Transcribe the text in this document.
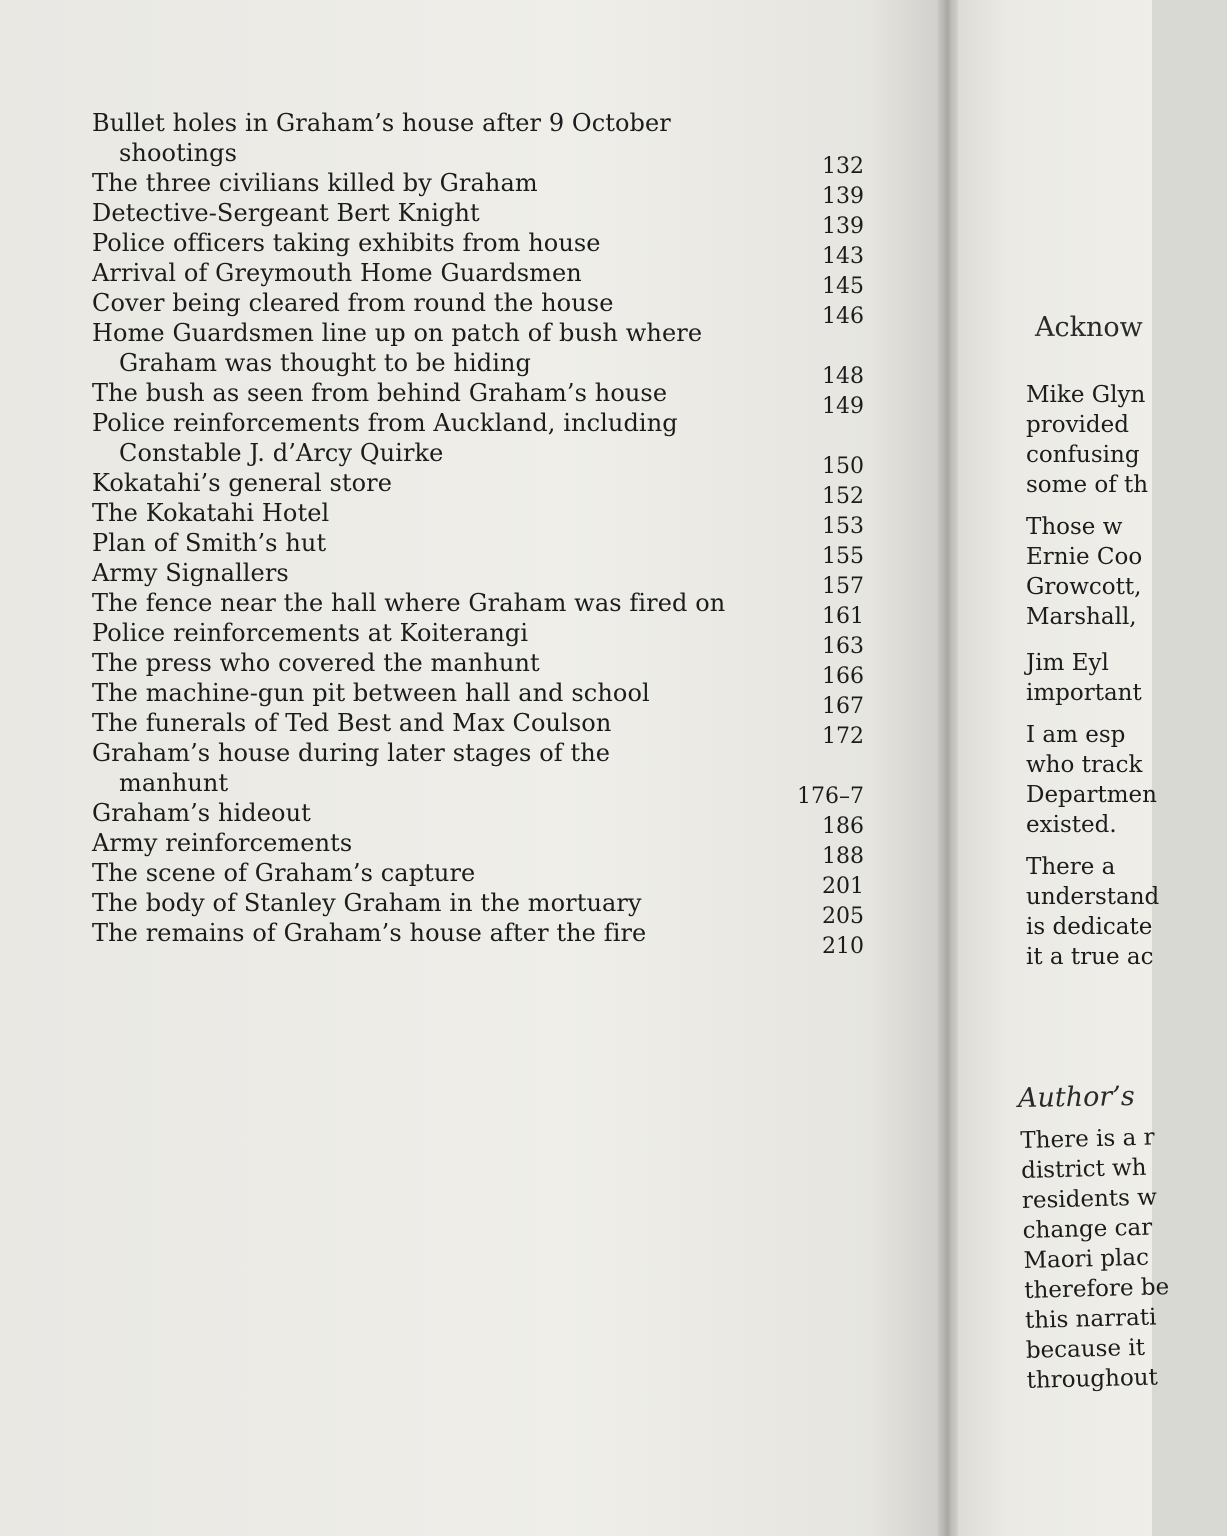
Bullet holes in Graham’s house after 9 October
shootings	132
The three civilians killed by Graham	139
Detective-Sergeant Bert Knight	139
Police officers taking exhibits from house	143
Arrival of Greymouth Home Guardsmen	145
Cover being cleared from round the house	146
Home Guardsmen line up on patch of bush where
Graham was thought to be hiding	148
The bush as seen from behind Graham’s house	149
Police reinforcements from Auckland, including
Constable J. d’Arcy Quirke	150
Kokatahi’s general store	152
The Kokatahi Hotel	153
Plan of Smith’s hut	155
Army Signallers	157
The fence near the hall where Graham was fired on	161
Police reinforcements at Koiterangi	163
The press who covered the manhunt	166
The machine-gun pit between hall and school	167
The funerals of Ted Best and Max Coulson	172
Graham’s house during later stages of the
manhunt	176–7
Graham’s hideout	186
Army reinforcements	188
The scene of Graham’s capture	201
The body of Stanley Graham in the mortuary	205
The remains of Graham’s house after the fire	210
Acknow
Mike Glyn
provided
confusing
some of th
Those w
Ernie Coo
Growcott,
Marshall,
Jim Eyl
important
I am esp
who track
Departmen
existed.
There a
understand
is dedicate
it a true ac
Author’s
There is a r
district wh
residents w
change car
Maori plac
therefore be
this narrati
because it
throughout
